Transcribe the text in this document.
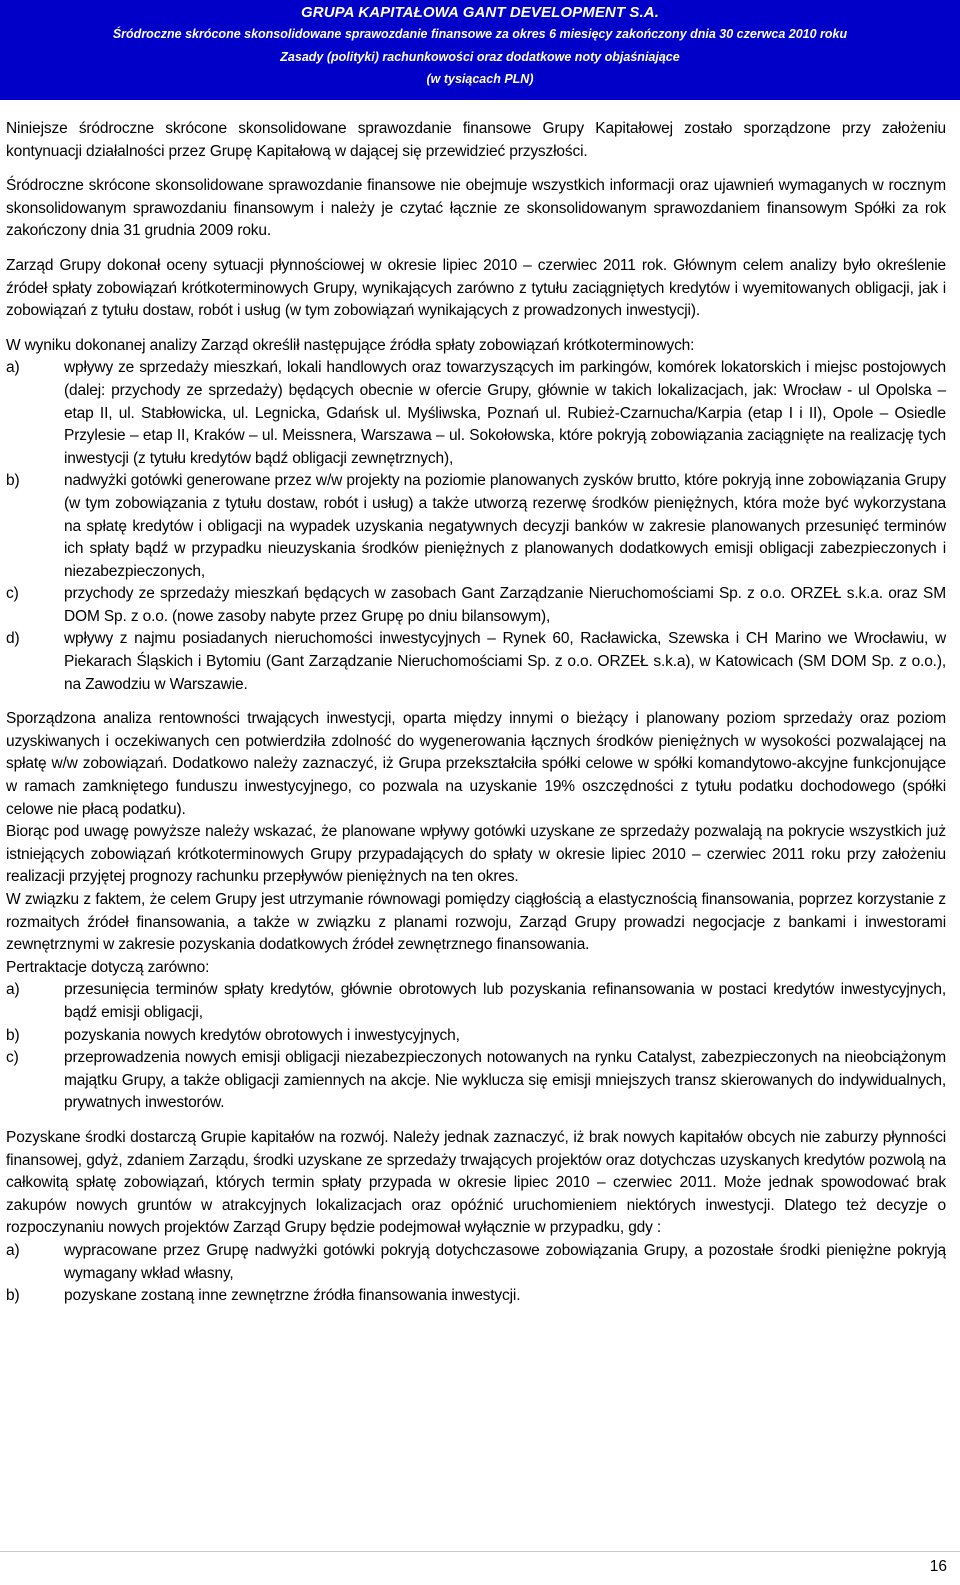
GRUPA KAPITAŁOWA GANT DEVELOPMENT S.A.
Śródroczne skrócone skonsolidowane sprawozdanie finansowe za okres 6 miesięcy zakończony dnia 30 czerwca 2010 roku
Zasady (polityki) rachunkowości oraz dodatkowe noty objaśniające
(w tysiącach PLN)

Niniejsze śródroczne skrócone skonsolidowane sprawozdanie finansowe Grupy Kapitałowej zostało sporządzone przy założeniu kontynuacji działalności przez Grupę Kapitałową w dającej się przewidzieć przyszłości.

Śródroczne skrócone skonsolidowane sprawozdanie finansowe nie obejmuje wszystkich informacji oraz ujawnień wymaganych w rocznym skonsolidowanym sprawozdaniu finansowym i należy je czytać łącznie ze skonsolidowanym sprawozdaniem finansowym Spółki za rok zakończony dnia 31 grudnia 2009 roku.

Zarząd Grupy dokonał oceny sytuacji płynnościowej w okresie lipiec 2010 – czerwiec 2011 rok. Głównym celem analizy było określenie źródeł spłaty zobowiązań krótkoterminowych Grupy, wynikających zarówno z tytułu zaciągniętych kredytów i wyemitowanych obligacji, jak i zobowiązań z tytułu dostaw, robót i usług (w tym zobowiązań wynikających z prowadzonych inwestycji).

W wyniku dokonanej analizy Zarząd określił następujące źródła spłaty zobowiązań krótkoterminowych:

a)	wpływy ze sprzedaży mieszkań, lokali handlowych oraz towarzyszących im parkingów, komórek lokatorskich i miejsc postojowych (dalej: przychody ze sprzedaży) będących obecnie w ofercie Grupy, głównie w takich lokalizacjach, jak: Wrocław - ul Opolska – etap II, ul. Stabłowicka, ul. Legnicka, Gdańsk ul. Myśliwska, Poznań ul. Rubież-Czarnucha/Karpia (etap I i II), Opole – Osiedle Przylesie – etap II, Kraków – ul. Meissnera, Warszawa – ul. Sokołowska, które pokryją zobowiązania zaciągnięte na realizację tych inwestycji (z tytułu kredytów bądź obligacji zewnętrznych),
b)	nadwyżki gotówki generowane przez w/w projekty na poziomie planowanych zysków brutto, które pokryją inne zobowiązania Grupy (w tym zobowiązania z tytułu dostaw, robót i usług) a także utworzą rezerwę środków pieniężnych, która może być wykorzystana na spłatę kredytów i obligacji na wypadek uzyskania negatywnych decyzji banków w zakresie planowanych przesunięć terminów ich spłaty bądź w przypadku nieuzyskania środków pieniężnych z planowanych dodatkowych emisji obligacji zabezpieczonych i niezabezpieczonych,
c)	przychody ze sprzedaży mieszkań będących w zasobach Gant Zarządzanie Nieruchomościami Sp. z o.o. ORZEŁ s.k.a. oraz SM DOM Sp. z o.o. (nowe zasoby nabyte przez Grupę po dniu bilansowym),
d)	wpływy z najmu posiadanych nieruchomości inwestycyjnych – Rynek 60, Racławicka, Szewska i CH Marino we Wrocławiu, w Piekarach Śląskich i Bytomiu (Gant Zarządzanie Nieruchomościami Sp. z o.o. ORZEŁ s.k.a), w Katowicach (SM DOM Sp. z o.o.), na Zawodziu w Warszawie.

Sporządzona analiza rentowności trwających inwestycji, oparta między innymi o bieżący i planowany poziom sprzedaży oraz poziom uzyskiwanych i oczekiwanych cen potwierdziła zdolność do wygenerowania łącznych środków pieniężnych w wysokości pozwalającej na spłatę w/w zobowiązań. Dodatkowo należy zaznaczyć, iż Grupa przekształciła spółki celowe w spółki komandytowo-akcyjne funkcjonujące w ramach zamkniętego funduszu inwestycyjnego, co pozwala na uzyskanie 19% oszczędności z tytułu podatku dochodowego (spółki celowe nie płacą podatku).

Biorąc pod uwagę powyższe należy wskazać, że planowane wpływy gotówki uzyskane ze sprzedaży pozwalają na pokrycie wszystkich już istniejących zobowiązań krótkoterminowych Grupy przypadających do spłaty w okresie lipiec 2010 – czerwiec 2011 roku przy założeniu realizacji przyjętej prognozy rachunku przepływów pieniężnych na ten okres.

W związku z faktem, że celem Grupy jest utrzymanie równowagi pomiędzy ciągłością a elastycznością finansowania, poprzez korzystanie z rozmaitych źródeł finansowania, a także w związku z planami rozwoju, Zarząd Grupy prowadzi negocjacje z bankami i inwestorami zewnętrznymi w zakresie pozyskania dodatkowych źródeł zewnętrznego finansowania.

Pertraktacje dotyczą zarówno:

a)	przesunięcia terminów spłaty kredytów, głównie obrotowych lub pozyskania refinansowania w postaci kredytów inwestycyjnych, bądź emisji obligacji,
b)	pozyskania nowych kredytów obrotowych i inwestycyjnych,
c)	przeprowadzenia nowych emisji obligacji niezabezpieczonych notowanych na rynku Catalyst, zabezpieczonych na nieobciążonym majątku Grupy, a także obligacji zamiennych na akcje. Nie wyklucza się emisji mniejszych transz skierowanych do indywidualnych, prywatnych inwestorów.

Pozyskane środki dostarczą Grupie kapitałów na rozwój. Należy jednak zaznaczyć, iż brak nowych kapitałów obcych nie zaburzy płynności finansowej, gdyż, zdaniem Zarządu, środki uzyskane ze sprzedaży trwających projektów oraz dotychczas uzyskanych kredytów pozwolą na całkowitą spłatę zobowiązań, których termin spłaty przypada w okresie lipiec 2010 – czerwiec 2011. Może jednak spowodować brak zakupów nowych gruntów w atrakcyjnych lokalizacjach oraz opóźnić uruchomieniem niektórych inwestycji. Dlatego też decyzje o rozpoczynaniu nowych projektów Zarząd Grupy będzie podejmował wyłącznie w przypadku, gdy :

a)	wypracowane przez Grupę nadwyżki gotówki pokryją dotychczasowe zobowiązania Grupy, a pozostałe środki pieniężne pokryją wymagany wkład własny,
b)	pozyskane zostaną inne zewnętrzne źródła finansowania inwestycji.
16
